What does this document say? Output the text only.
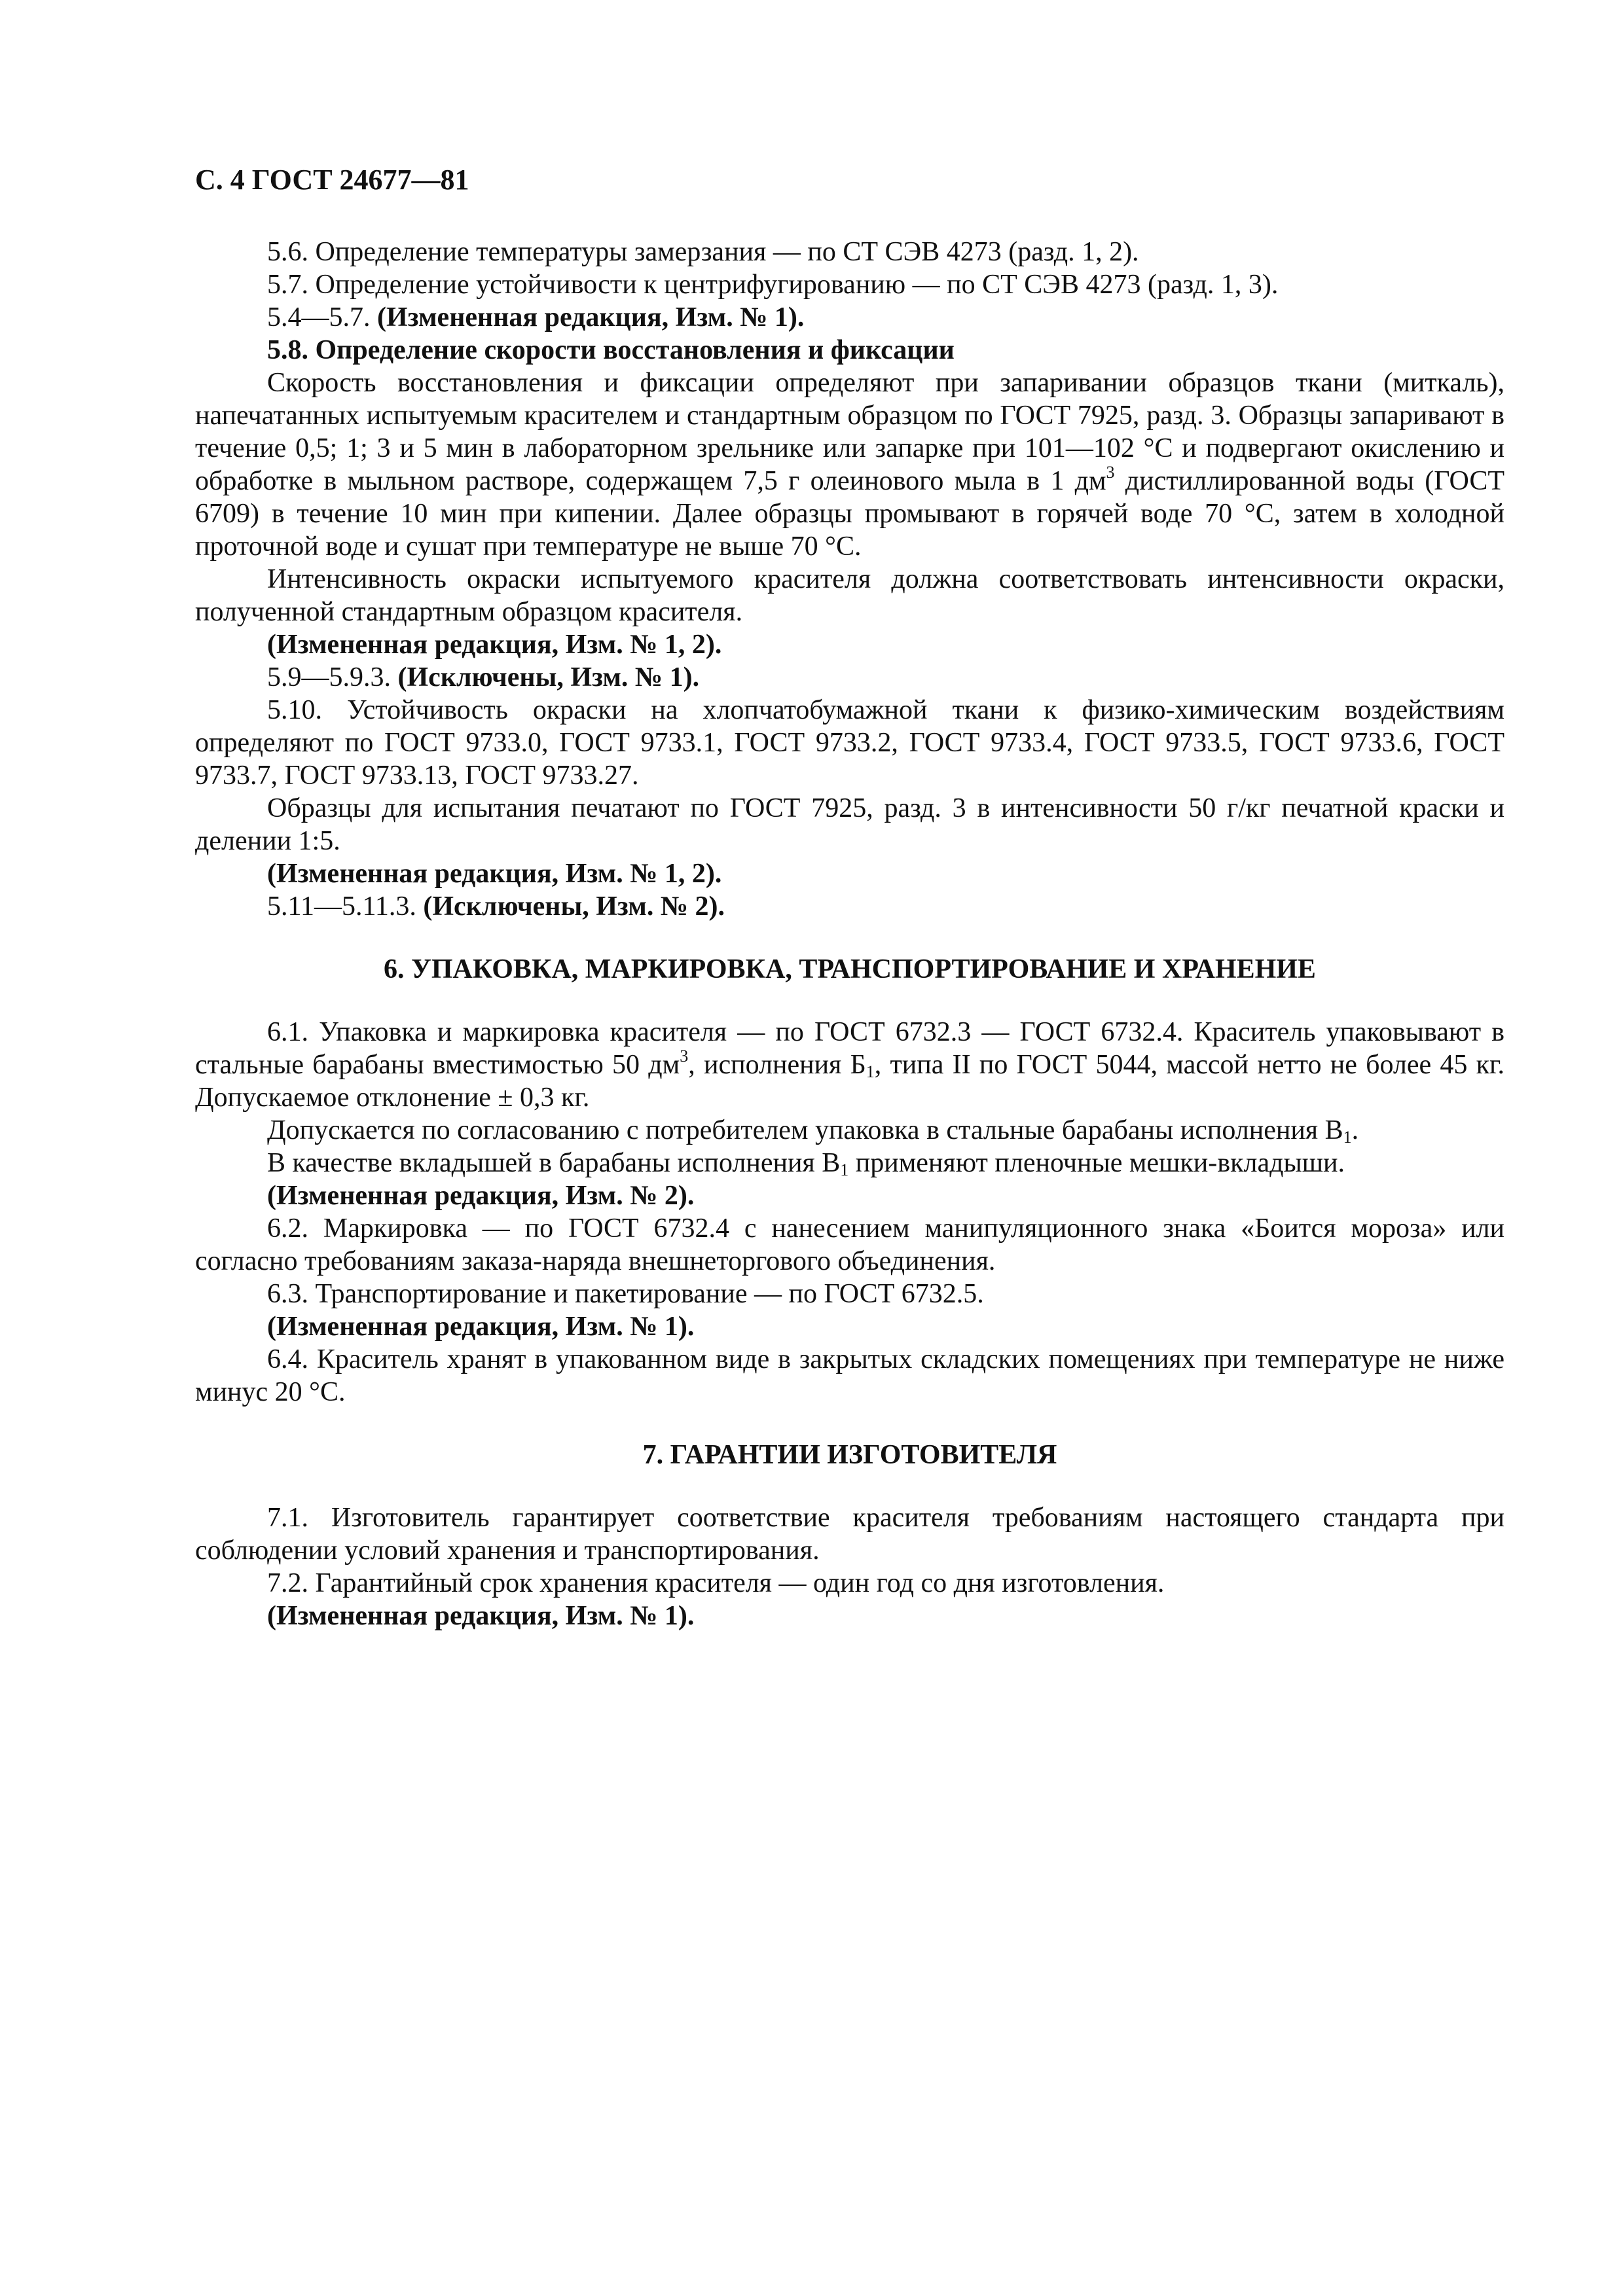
С. 4 ГОСТ 24677—81

5.6. Определение температуры замерзания — по СТ СЭВ 4273 (разд. 1, 2).

5.7. Определение устойчивости к центрифугированию — по СТ СЭВ 4273 (разд. 1, 3).

5.4—5.7. (Измененная редакция, Изм. № 1).

5.8. Определение скорости восстановления и фиксации

Скорость восстановления и фиксации определяют при запаривании образцов ткани (миткаль), напечатанных испытуемым красителем и стандартным образцом по ГОСТ 7925, разд. 3. Образцы запаривают в течение 0,5; 1; 3 и 5 мин в лабораторном зрельнике или запарке при 101—102 °С и подвергают окислению и обработке в мыльном растворе, содержащем 7,5 г олеинового мыла в 1 $дм^3$ дистиллированной воды (ГОСТ 6709) в течение 10 мин при кипении. Далее образцы промывают в горячей воде 70 °С, затем в холодной проточной воде и сушат при температуре не выше 70 °С.

Интенсивность окраски испытуемого красителя должна соответствовать интенсивности окраски, полученной стандартным образцом красителя.

(Измененная редакция, Изм. № 1, 2).

5.9—5.9.3. (Исключены, Изм. № 1).

5.10. Устойчивость окраски на хлопчатобумажной ткани к физико-химическим воздействиям определяют по ГОСТ 9733.0, ГОСТ 9733.1, ГОСТ 9733.2, ГОСТ 9733.4, ГОСТ 9733.5, ГОСТ 9733.6, ГОСТ 9733.7, ГОСТ 9733.13, ГОСТ 9733.27.

Образцы для испытания печатают по ГОСТ 7925, разд. 3 в интенсивности 50 г/кг печатной краски и делении 1:5.

(Измененная редакция, Изм. № 1, 2).

5.11—5.11.3. (Исключены, Изм. № 2).

6. УПАКОВКА, МАРКИРОВКА, ТРАНСПОРТИРОВАНИЕ И ХРАНЕНИЕ

6.1. Упаковка и маркировка красителя — по ГОСТ 6732.3 — ГОСТ 6732.4. Краситель упаковывают в стальные барабаны вместимостью 50 $дм^3$, исполнения $Б_1$, типа II по ГОСТ 5044, массой нетто не более 45 кг. Допускаемое отклонение ± 0,3 кг.

Допускается по согласованию с потребителем упаковка в стальные барабаны исполнения $В_1$.

В качестве вкладышей в барабаны исполнения $В_1$ применяют пленочные мешки-вкладыши.

(Измененная редакция, Изм. № 2).

6.2. Маркировка — по ГОСТ 6732.4 с нанесением манипуляционного знака «Боится мороза» или согласно требованиям заказа-наряда внешнеторгового объединения.

6.3. Транспортирование и пакетирование — по ГОСТ 6732.5.

(Измененная редакция, Изм. № 1).

6.4. Краситель хранят в упакованном виде в закрытых складских помещениях при температуре не ниже минус 20 °С.

7. ГАРАНТИИ ИЗГОТОВИТЕЛЯ

7.1. Изготовитель гарантирует соответствие красителя требованиям настоящего стандарта при соблюдении условий хранения и транспортирования.

7.2. Гарантийный срок хранения красителя — один год со дня изготовления.

(Измененная редакция, Изм. № 1).
